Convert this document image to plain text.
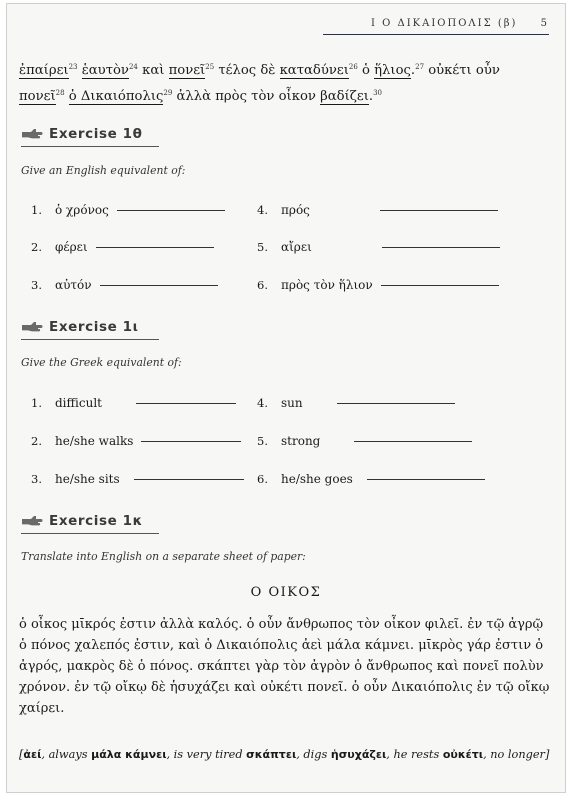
Ι Ο ΔΙΚΑΙΟΠΟΛΙΣ (β) 5
ἐπαίρει$^{23}$ ἑαυτὸν$^{24}$ καὶ πονεῖ$^{25}$ τέλος δὲ καταδύνει$^{26}$ ὁ ἥλιος.$^{27}$ οὐκέτι οὖν πονεῖ$^{28}$ ὁ Δικαιόπολις$^{29}$ ἀλλὰ πρὸς τὸν οἶκον βαδίζει.$^{30}$
Exercise 1θ
Give an English equivalent of:
1.	ὁ χρόνος
2.	φέρει
3.	αὐτόν
4.	πρός
5.	αἴρει
6.	πρὸς τὸν ἥλιον
Exercise 1ι
Give the Greek equivalent of:
1.	difficult
2.	he/she walks
3.	he/she sits
4.	sun
5.	strong
6.	he/she goes
Exercise 1κ
Translate into English on a separate sheet of paper:
Ο ΟΙΚΟΣ
ὁ οἶκος μῑκρός ἐστιν ἀλλὰ καλός. ὁ οὖν ἄνθρωπος τὸν οἶκον φιλεῖ. ἐν τῷ ἀγρῷ
ὁ πόνος χαλεπός ἐστιν, καὶ ὁ Δικαιόπολις ἀεὶ μάλα κάμνει. μῑκρὸς γάρ ἐστιν ὁ
ἀγρός, μακρὸς δὲ ὁ πόνος. σκάπτει γὰρ τὸν ἀγρὸν ὁ ἄνθρωπος καὶ πονεῖ πολὺν
χρόνον. ἐν τῷ οἴκῳ δὲ ἡσυχάζει καὶ οὐκέτι πονεῖ. ὁ οὖν Δικαιόπολις ἐν τῷ οἴκῳ
χαίρει.
[ἀεί, always μάλα κάμνει, is very tired σκάπτει, digs ἡσυχάζει, he rests οὐκέτι, no longer]
